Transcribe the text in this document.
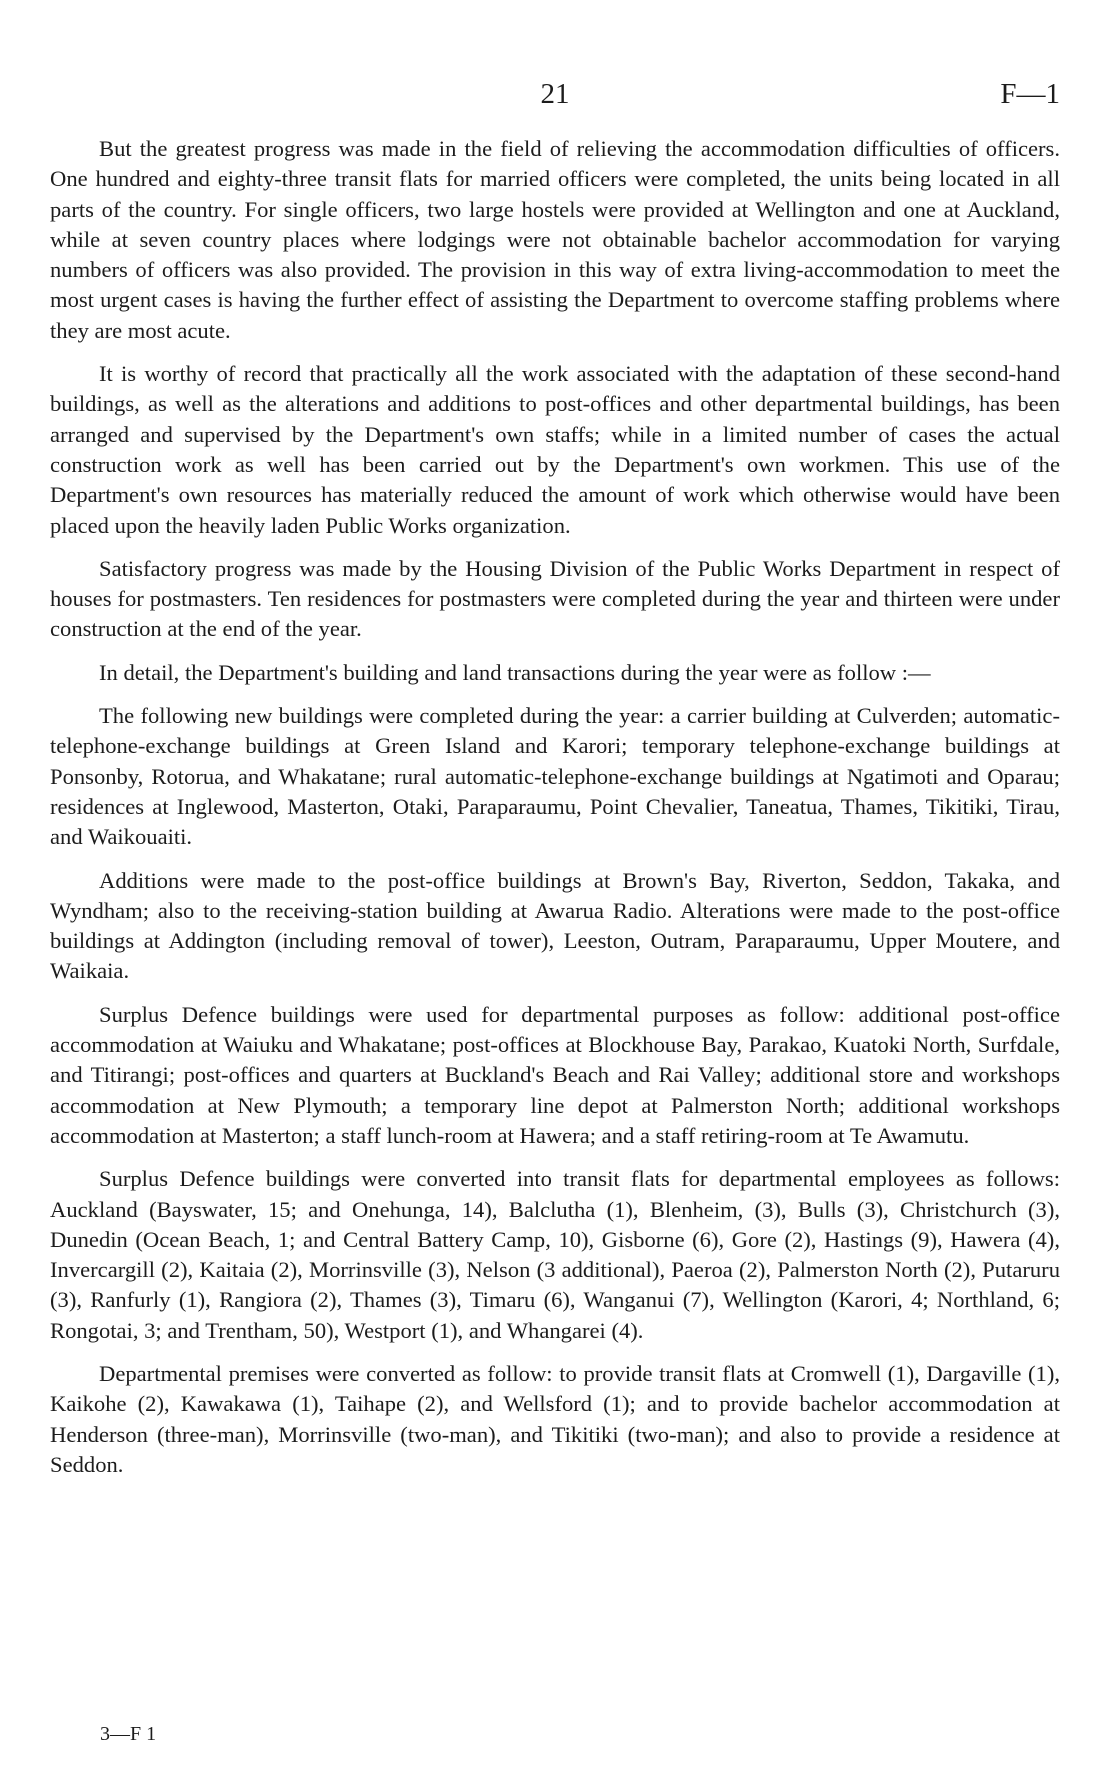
21	F—1

But the greatest progress was made in the field of relieving the accommodation difficulties of officers. One hundred and eighty-three transit flats for married officers were completed, the units being located in all parts of the country. For single officers, two large hostels were provided at Wellington and one at Auckland, while at seven country places where lodgings were not obtainable bachelor accommodation for varying numbers of officers was also provided. The provision in this way of extra living-accommodation to meet the most urgent cases is having the further effect of assisting the Department to overcome staffing problems where they are most acute.

It is worthy of record that practically all the work associated with the adaptation of these second-hand buildings, as well as the alterations and additions to post-offices and other departmental buildings, has been arranged and supervised by the Department's own staffs; while in a limited number of cases the actual construction work as well has been carried out by the Department's own workmen. This use of the Department's own resources has materially reduced the amount of work which otherwise would have been placed upon the heavily laden Public Works organization.

Satisfactory progress was made by the Housing Division of the Public Works Department in respect of houses for postmasters. Ten residences for postmasters were completed during the year and thirteen were under construction at the end of the year.

In detail, the Department's building and land transactions during the year were as follow :—

The following new buildings were completed during the year: a carrier building at Culverden; automatic-telephone-exchange buildings at Green Island and Karori; temporary telephone-exchange buildings at Ponsonby, Rotorua, and Whakatane; rural automatic-telephone-exchange buildings at Ngatimoti and Oparau; residences at Inglewood, Masterton, Otaki, Paraparaumu, Point Chevalier, Taneatua, Thames, Tikitiki, Tirau, and Waikouaiti.

Additions were made to the post-office buildings at Brown's Bay, Riverton, Seddon, Takaka, and Wyndham; also to the receiving-station building at Awarua Radio. Alterations were made to the post-office buildings at Addington (including removal of tower), Leeston, Outram, Paraparaumu, Upper Moutere, and Waikaia.

Surplus Defence buildings were used for departmental purposes as follow: additional post-office accommodation at Waiuku and Whakatane; post-offices at Blockhouse Bay, Parakao, Kuatoki North, Surfdale, and Titirangi; post-offices and quarters at Buckland's Beach and Rai Valley; additional store and workshops accommodation at New Plymouth; a temporary line depot at Palmerston North; additional workshops accommodation at Masterton; a staff lunch-room at Hawera; and a staff retiring-room at Te Awamutu.

Surplus Defence buildings were converted into transit flats for departmental employees as follows: Auckland (Bayswater, 15; and Onehunga, 14), Balclutha (1), Blenheim, (3), Bulls (3), Christchurch (3), Dunedin (Ocean Beach, 1; and Central Battery Camp, 10), Gisborne (6), Gore (2), Hastings (9), Hawera (4), Invercargill (2), Kaitaia (2), Morrinsville (3), Nelson (3 additional), Paeroa (2), Palmerston North (2), Putaruru (3), Ranfurly (1), Rangiora (2), Thames (3), Timaru (6), Wanganui (7), Wellington (Karori, 4; Northland, 6; Rongotai, 3; and Trentham, 50), Westport (1), and Whangarei (4).

Departmental premises were converted as follow: to provide transit flats at Cromwell (1), Dargaville (1), Kaikohe (2), Kawakawa (1), Taihape (2), and Wellsford (1); and to provide bachelor accommodation at Henderson (three-man), Morrinsville (two-man), and Tikitiki (two-man); and also to provide a residence at Seddon.

3—F 1
